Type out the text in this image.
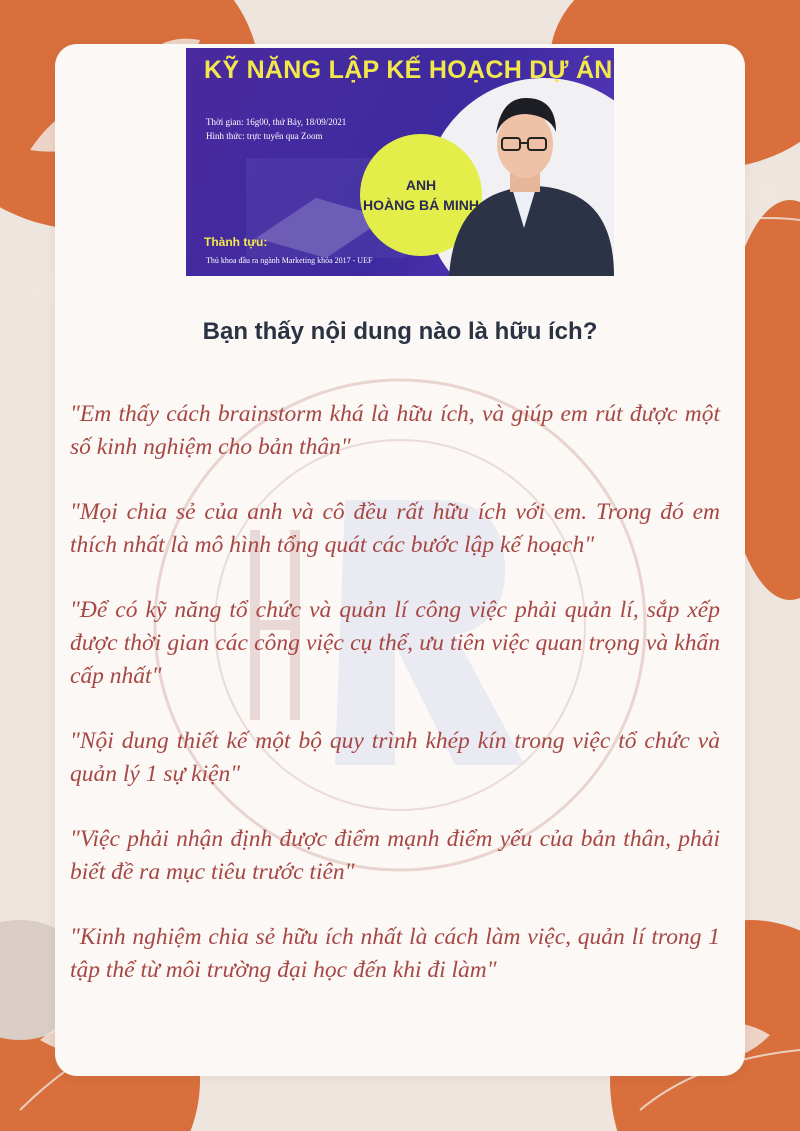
KỸ NĂNG LẬP KẾ HOẠCH DỰ ÁN
Thời gian: 16g00, thứ Bảy, 18/09/2021
Hình thức: trực tuyến qua Zoom
ANH
HOÀNG BÁ MINH
Thành tựu:
Thủ khoa đầu ra ngành Marketing khóa 2017 - UEF
Bạn thấy nội dung nào là hữu ích?
"Em thấy cách brainstorm khá là hữu ích, và giúp em rút được một số kinh nghiệm cho bản thân"
"Mọi chia sẻ của anh và cô đều rất hữu ích với em. Trong đó em thích nhất là mô hình tổng quát các bước lập kế hoạch"
"Để có kỹ năng tổ chức và quản lí công việc phải quản lí, sắp xếp được thời gian các công việc cụ thể, ưu tiên việc quan trọng và khẩn cấp nhất"
"Nội dung thiết kế một bộ quy trình khép kín trong việc tổ chức và quản lý 1 sự kiện"
"Việc phải nhận định được điểm mạnh điểm yếu của bản thân, phải biết đề ra mục tiêu trước tiên"
"Kinh nghiệm chia sẻ hữu ích nhất là cách làm việc, quản lí trong 1 tập thể từ môi trường đại học đến khi đi làm"
